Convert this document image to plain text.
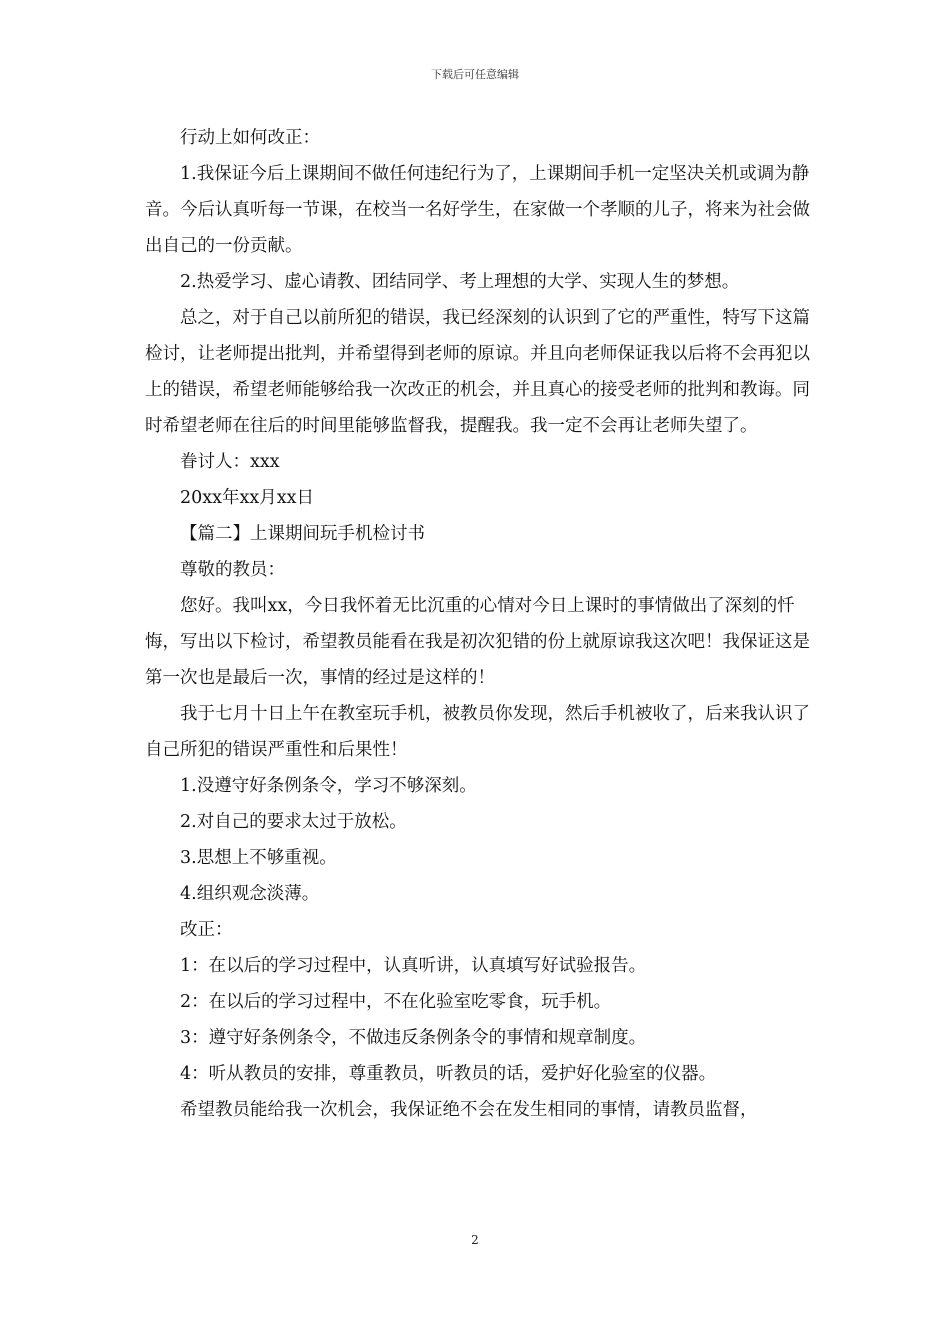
下载后可任意编辑

行动上如何改正：

1.我保证今后上课期间不做任何违纪行为了，上课期间手机一定坚决关机或调为静音。今后认真听每一节课，在校当一名好学生，在家做一个孝顺的儿子，将来为社会做出自己的一份贡献。

2.热爱学习、虚心请教、团结同学、考上理想的大学、实现人生的梦想。

总之，对于自己以前所犯的错误，我已经深刻的认识到了它的严重性，特写下这篇检讨，让老师提出批判，并希望得到老师的原谅。并且向老师保证我以后将不会再犯以上的错误，希望老师能够给我一次改正的机会，并且真心的接受老师的批判和教诲。同时希望老师在往后的时间里能够监督我，提醒我。我一定不会再让老师失望了。

眷讨人：xxx

20xx年xx月xx日

【篇二】上课期间玩手机检讨书

尊敬的教员：

您好。我叫xx，今日我怀着无比沉重的心情对今日上课时的事情做出了深刻的忏悔，写出以下检讨，希望教员能看在我是初次犯错的份上就原谅我这次吧！我保证这是第一次也是最后一次，事情的经过是这样的！

我于七月十日上午在教室玩手机，被教员你发现，然后手机被收了，后来我认识了自己所犯的错误严重性和后果性！

1.没遵守好条例条令，学习不够深刻。

2.对自己的要求太过于放松。

3.思想上不够重视。

4.组织观念淡薄。

改正：

1：在以后的学习过程中，认真听讲，认真填写好试验报告。

2：在以后的学习过程中，不在化验室吃零食，玩手机。

3：遵守好条例条令，不做违反条例条令的事情和规章制度。

4：听从教员的安排，尊重教员，听教员的话，爱护好化验室的仪器。

希望教员能给我一次机会，我保证绝不会在发生相同的事情，请教员监督，

2
